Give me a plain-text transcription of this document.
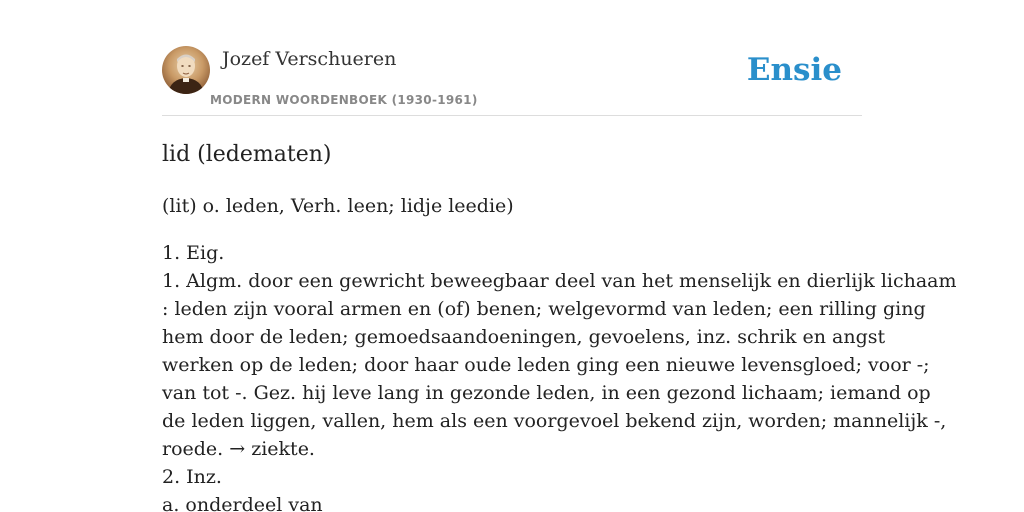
Jozef Verschueren
MODERN WOORDENBOEK (1930-1961)
Ensie
lid (ledematen)
(lit) o. leden, Verh. leen; lidje leedie)
1. Eig.
1. Algm. door een gewricht beweegbaar deel van het menselijk en dierlijk lichaam
: leden zijn vooral armen en (of) benen; welgevormd van leden; een rilling ging
hem door de leden; gemoedsaandoeningen, gevoelens, inz. schrik en angst
werken op de leden; door haar oude leden ging een nieuwe levensgloed; voor -;
van tot -. Gez. hij leve lang in gezonde leden, in een gezond lichaam; iemand op
de leden liggen, vallen, hem als een voorgevoel bekend zijn, worden; mannelijk -,
roede. → ziekte.
2. Inz.
a. onderdeel van
